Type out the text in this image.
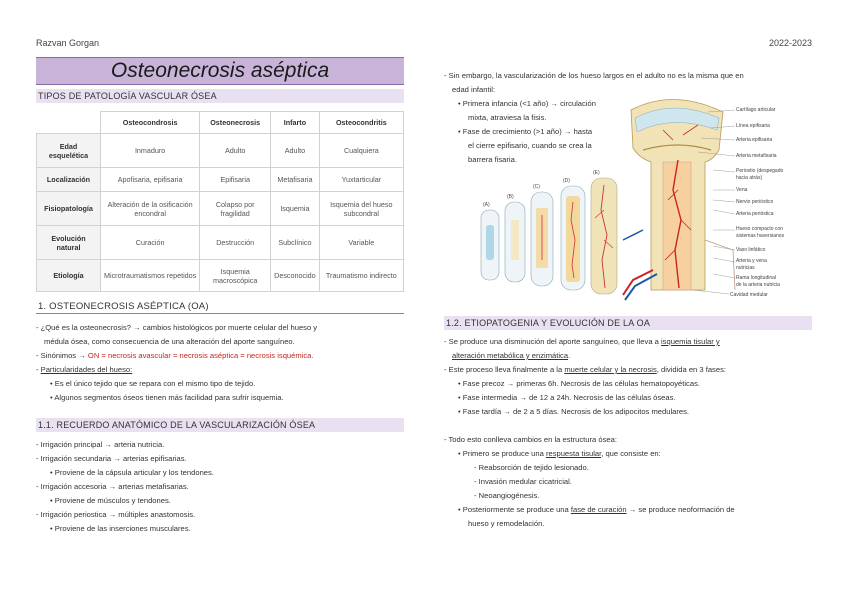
Razvan Gorgan	2022-2023
Osteonecrosis aséptica
TIPOS DE PATOLOGÍA VASCULAR ÓSEA
	Osteocondrosis	Osteonecrosis	Infarto	Osteocondritis
Edad esquelética	Inmaduro	Adulto	Adulto	Cualquiera
Localización	Apofisaria, epifisaria	Epifisaria	Metafisaria	Yuxtarticular
Fisiopatología	Alteración de la osificación encondral	Colapso por fragilidad	Isquemia	Isquemia del hueso subcondral
Evolución natural	Curación	Destrucción	Subclínico	Variable
Etiología	Microtraumatismos repetidos	Isquemia macroscópica	Desconocido	Traumatismo indirecto
1. OSTEONECROSIS ASÉPTICA (OA)
- ¿Qué es la osteonecrosis? → cambios histológicos por muerte celular del hueso y
médula ósea, como consecuencia de una alteración del aporte sanguíneo.
- Sinónimos → ON = necrosis avascular = necrosis aséptica = necrosis isquémica.
- Particularidades del hueso:
• Es el único tejido que se repara con el mismo tipo de tejido.
• Algunos segmentos óseos tienen más facilidad para sufrir isquemia.
1.1. RECUERDO ANATÓMICO DE LA VASCULARIZACIÓN ÓSEA
- Irrigación principal → arteria nutricia.
- Irrigación secundaria → arterias epifisarias.
• Proviene de la cápsula articular y los tendones.
- Irrigación accesoria → arterias metafisarias.
• Proviene de músculos y tendones.
- Irrigación periostica → múltiples anastomosis.
• Proviene de las inserciones musculares.
- Sin embargo, la vascularización de los hueso largos en el adulto no es la misma que en
edad infantil:
• Primera infancia (<1 año) → circulación
mixta, atraviesa la fisis.
• Fase de crecimiento (>1 año) → hasta
el cierre epifisario, cuando se crea la
barrera fisaria.
(A)
(B)
(C)
(D)
(E)
Cartílago articular
Línea epifisaria
Arteria epifisaria
Arteria metafisaria
Periostio (despegado
hacia atrás)
Vena
Nervio perióstico
Arteria perióstica
Hueso compacto con
sistemas haversianos
Vaso linfático
Arteria y vena
nutricias
Rama longitudinal
de la arteria nutricia
Cavidad medular
1.2. ETIOPATOGENIA Y EVOLUCIÓN DE LA OA
- Se produce una disminución del aporte sanguíneo, que lleva a isquemia tisular y
alteración metabólica y enzimática.
- Este proceso lleva finalmente a la muerte celular y la necrosis, dividida en 3 fases:
• Fase precoz → primeras 6h. Necrosis de las células hematopoyéticas.
• Fase intermedia → de 12 a 24h. Necrosis de las células óseas.
• Fase tardía → de 2 a 5 días. Necrosis de los adipocitos medulares.
- Todo esto conlleva cambios en la estructura ósea:
• Primero se produce una respuesta tisular, que consiste en:
- Reabsorción de tejido lesionado.
- Invasión medular cicatricial.
- Neoangiogénesis.
• Posteriormente se produce una fase de curación → se produce neoformación de
hueso y remodelación.
